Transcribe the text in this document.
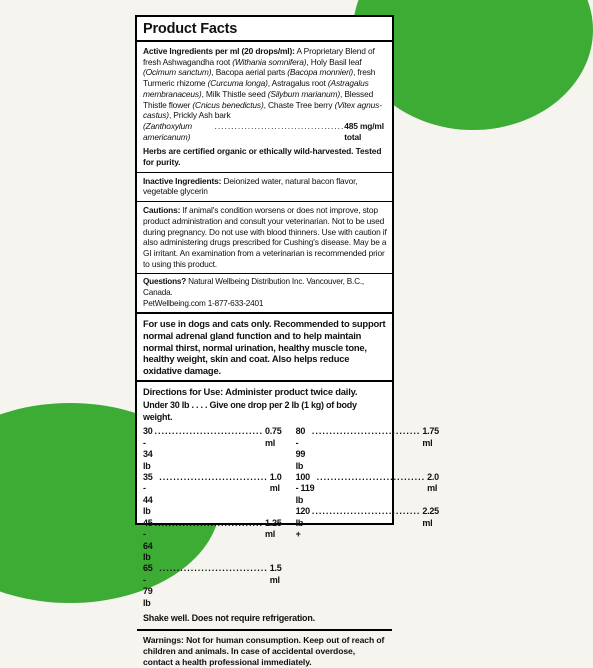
Product Facts
Active Ingredients per ml (20 drops/ml): A Proprietary Blend of fresh Ashwagandha root (Withania somnifera), Holy Basil leaf (Ocimum sanctum), Bacopa aerial parts (Bacopa monnieri), fresh Turmeric rhizome (Curcuma longa), Astragalus root (Astragalus membranaceus), Milk Thistle seed (Silybum marianum), Blessed Thistle flower (Cnicus benedictus), Chaste Tree berry (Vitex agnus-castus), Prickly Ash bark
(Zanthoxylum americanum)
.....
485 mg/ml total
Herbs are certified organic or ethically wild-harvested. Tested for purity.
Inactive Ingredients: Deionized water, natural bacon flavor, vegetable glycerin
Cautions: If animal's condition worsens or does not improve, stop product administration and consult your veterinarian. Not to be used during pregnancy. Do not use with blood thinners. Use with caution if also administering drugs prescribed for Cushing's disease. May be a GI irritant. An examination from a veterinarian is recommended prior to using this product.
Questions? Natural Wellbeing Distribution Inc. Vancouver, B.C., Canada.
PetWellbeing.com 1-877-633-2401
For use in dogs and cats only. Recommended to support normal adrenal gland function and to help maintain normal thirst, normal urination, healthy muscle tone, healthy weight, skin and coat. Also helps reduce oxidative damage.
Directions for Use: Administer product twice daily.
Under 30 lb . . . . Give one drop per 2 lb (1 kg) of body weight.
30 - 34 lb
.....
0.75 ml
35 - 44 lb
.....
1.0 ml
45 - 64 lb
.....
1.25 ml
65 - 79 lb
.....
1.5 ml
80 - 99 lb
.....
1.75 ml
100 - 119 lb
.....
2.0 ml
120 lb +
.....
2.25 ml
Shake well. Does not require refrigeration.
Warnings: Not for human consumption. Keep out of reach of children and animals. In case of accidental overdose, contact a health professional immediately.
